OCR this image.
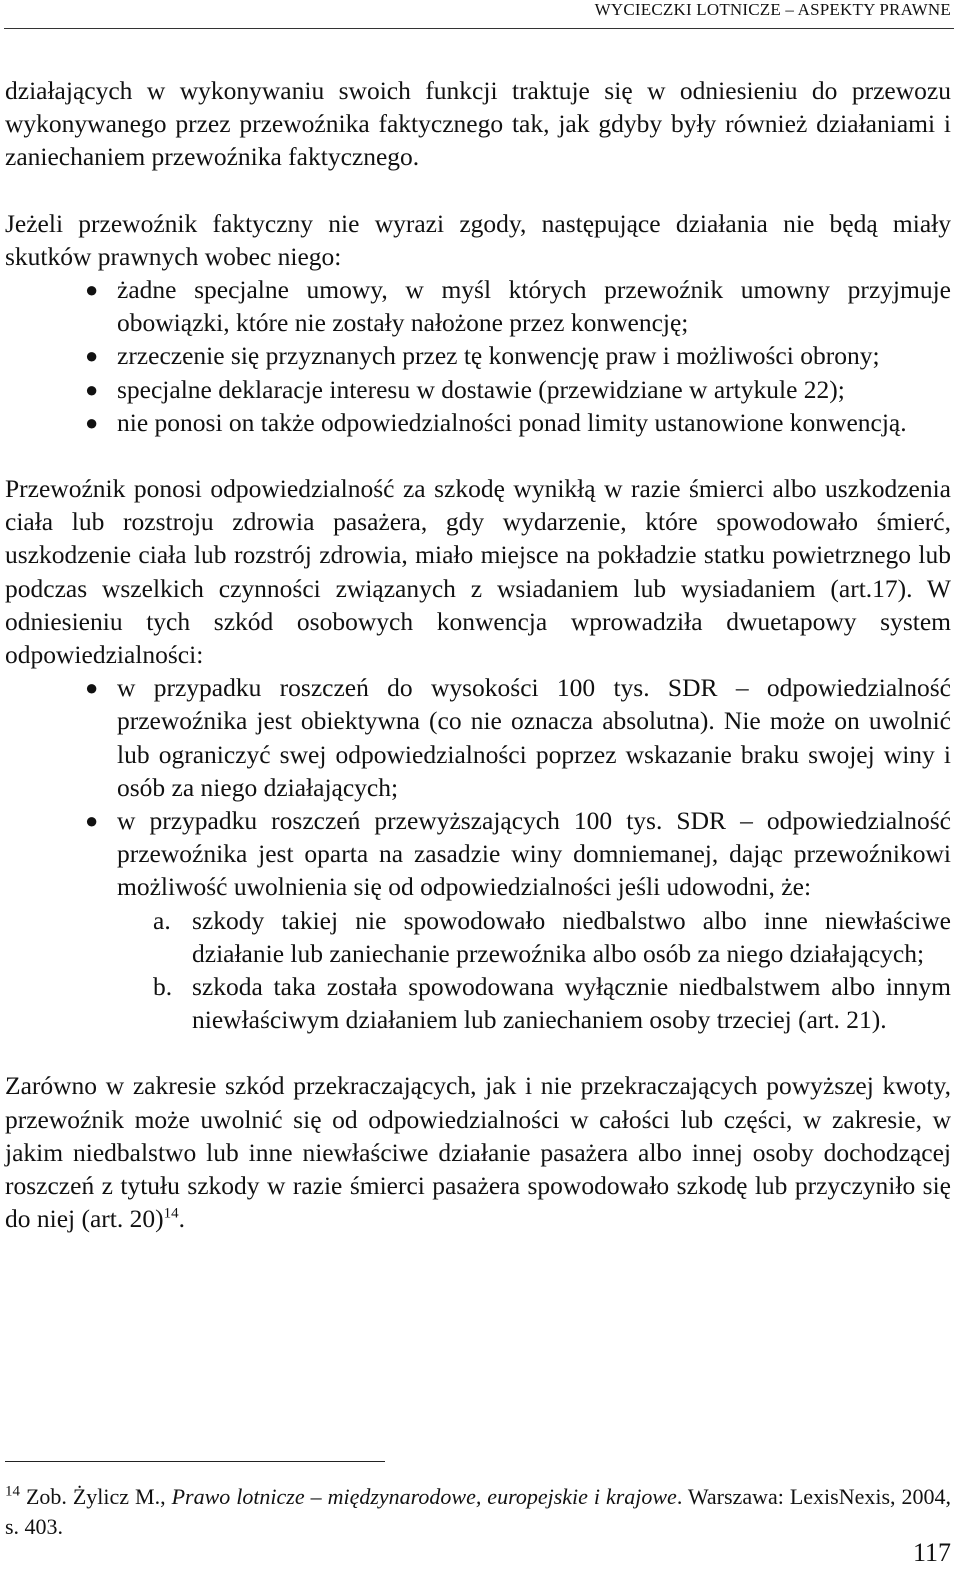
WYCIECZKI LOTNICZE – ASPEKTY PRAWNE

działających w wykonywaniu swoich funkcji traktuje się w odniesieniu do przewozu wykonywanego przez przewoźnika faktycznego tak, jak gdyby były również działaniami i zaniechaniem przewoźnika faktycznego.

Jeżeli przewoźnik faktyczny nie wyrazi zgody, następujące działania nie będą miały skutków prawnych wobec niego:

● żadne specjalne umowy, w myśl których przewoźnik umowny przyjmuje obowiązki, które nie zostały nałożone przez konwencję;
● zrzeczenie się przyznanych przez tę konwencję praw i możliwości obrony;
● specjalne deklaracje interesu w dostawie (przewidziane w artykule 22);
● nie ponosi on także odpowiedzialności ponad limity ustanowione konwencją.

Przewoźnik ponosi odpowiedzialność za szkodę wynikłą w razie śmierci albo uszkodzenia ciała lub rozstroju zdrowia pasażera, gdy wydarzenie, które spowodowało śmierć, uszkodzenie ciała lub rozstrój zdrowia, miało miejsce na pokładzie statku powietrznego lub podczas wszelkich czynności związanych z wsiadaniem lub wysiadaniem (art.17). W odniesieniu tych szkód osobowych konwencja wprowadziła dwuetapowy system odpowiedzialności:

● w przypadku roszczeń do wysokości 100 tys. SDR – odpowiedzialność przewoźnika jest obiektywna (co nie oznacza absolutna). Nie może on uwolnić lub ograniczyć swej odpowiedzialności poprzez wskazanie braku swojej winy i osób za niego działających;
● w przypadku roszczeń przewyższających 100 tys. SDR – odpowiedzialność przewoźnika jest oparta na zasadzie winy domniemanej, dając przewoźnikowi możliwość uwolnienia się od odpowiedzialności jeśli udowodni, że:
a. szkody takiej nie spowodowało niedbalstwo albo inne niewłaściwe działanie lub zaniechanie przewoźnika albo osób za niego działających;
b. szkoda taka została spowodowana wyłącznie niedbalstwem albo innym niewłaściwym działaniem lub zaniechaniem osoby trzeciej (art. 21).

Zarówno w zakresie szkód przekraczających, jak i nie przekraczających powyższej kwoty, przewoźnik może uwolnić się od odpowiedzialności w całości lub części, w zakresie, w jakim niedbalstwo lub inne niewłaściwe działanie pasażera albo innej osoby dochodzącej roszczeń z tytułu szkody w razie śmierci pasażera spowodowało szkodę lub przyczyniło się do niej (art. 20)$^{14}$.

$^{14}$ Zob. Żylicz M., Prawo lotnicze – międzynarodowe, europejskie i krajowe. Warszawa: LexisNexis, 2004, s. 403.
117
